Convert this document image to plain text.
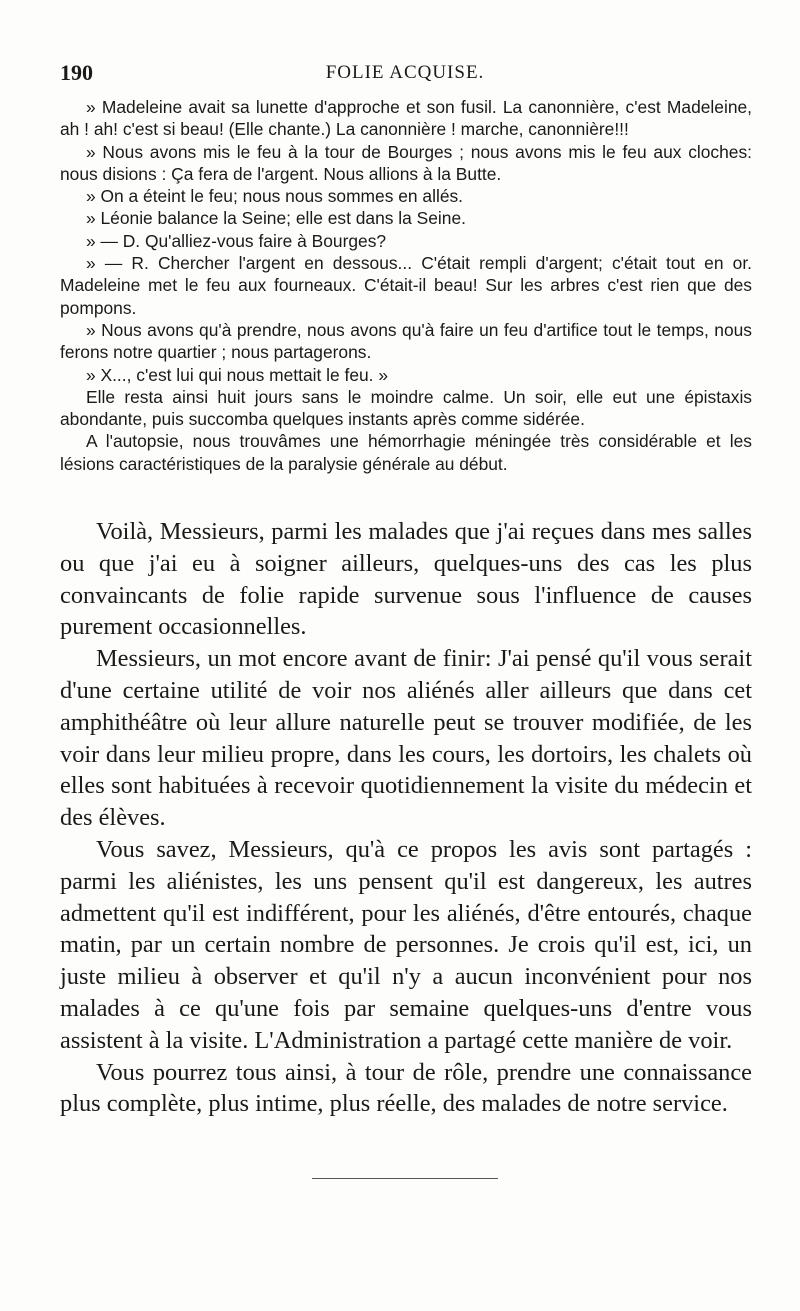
190	FOLIE ACQUISE.

» Madeleine avait sa lunette d'approche et son fusil. La canonnière, c'est Madeleine, ah ! ah! c'est si beau! (Elle chante.) La canonnière ! marche, canonnière!!!

» Nous avons mis le feu à la tour de Bourges ; nous avons mis le feu aux cloches: nous disions : Ça fera de l'argent. Nous allions à la Butte.

» On a éteint le feu; nous nous sommes en allés.

» Léonie balance la Seine; elle est dans la Seine.

» — D. Qu'alliez-vous faire à Bourges?

» — R. Chercher l'argent en dessous... C'était rempli d'argent; c'était tout en or. Madeleine met le feu aux fourneaux. C'était-il beau! Sur les arbres c'est rien que des pompons.

» Nous avons qu'à prendre, nous avons qu'à faire un feu d'artifice tout le temps, nous ferons notre quartier ; nous partagerons.

» X..., c'est lui qui nous mettait le feu. »

Elle resta ainsi huit jours sans le moindre calme. Un soir, elle eut une épistaxis abondante, puis succomba quelques instants après comme sidérée.

A l'autopsie, nous trouvâmes une hémorrhagie méningée très considérable et les lésions caractéristiques de la paralysie générale au début.

Voilà, Messieurs, parmi les malades que j'ai reçues dans mes salles ou que j'ai eu à soigner ailleurs, quelques-uns des cas les plus convaincants de folie rapide survenue sous l'influence de causes purement occasionnelles.

Messieurs, un mot encore avant de finir: J'ai pensé qu'il vous serait d'une certaine utilité de voir nos aliénés aller ailleurs que dans cet amphithéâtre où leur allure naturelle peut se trouver modifiée, de les voir dans leur milieu propre, dans les cours, les dortoirs, les chalets où elles sont habituées à recevoir quotidiennement la visite du médecin et des élèves.

Vous savez, Messieurs, qu'à ce propos les avis sont partagés : parmi les aliénistes, les uns pensent qu'il est dangereux, les autres admettent qu'il est indifférent, pour les aliénés, d'être entourés, chaque matin, par un certain nombre de personnes. Je crois qu'il est, ici, un juste milieu à observer et qu'il n'y a aucun inconvénient pour nos malades à ce qu'une fois par semaine quelques-uns d'entre vous assistent à la visite. L'Administration a partagé cette manière de voir.

Vous pourrez tous ainsi, à tour de rôle, prendre une connaissance plus complète, plus intime, plus réelle, des malades de notre service.
